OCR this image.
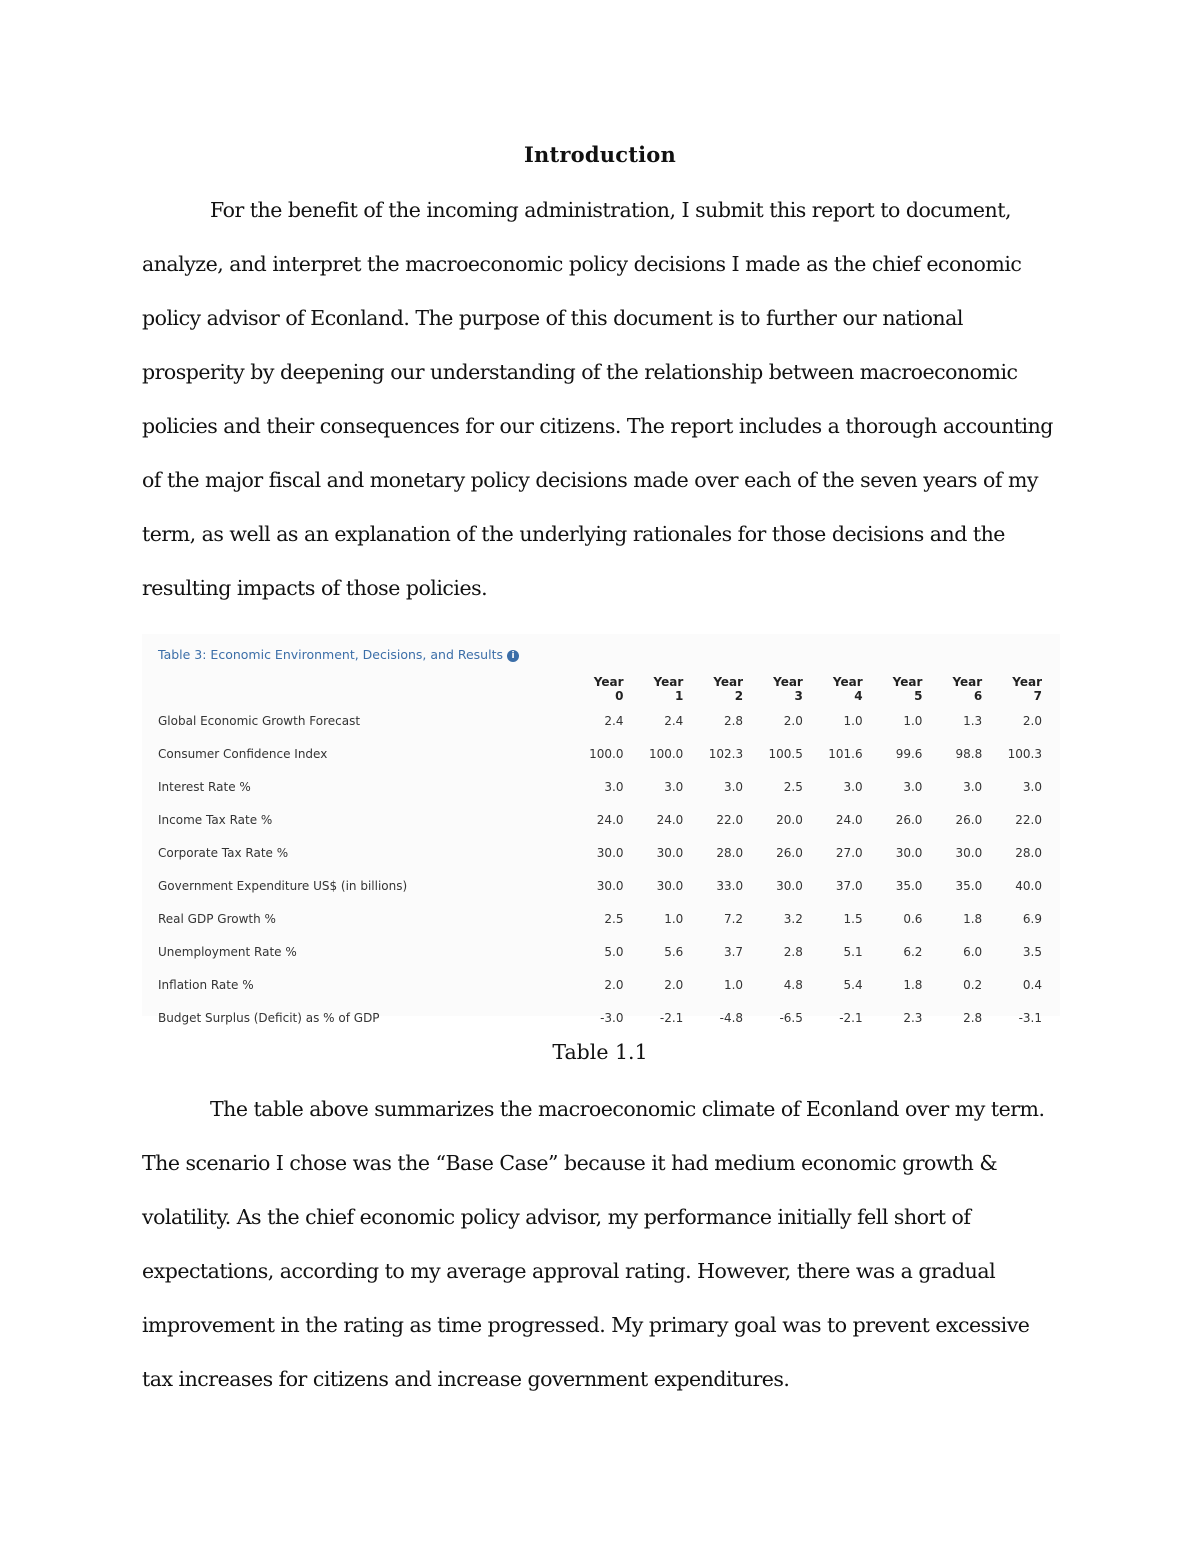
Introduction

For the benefit of the incoming administration, I submit this report to document, analyze, and interpret the macroeconomic policy decisions I made as the chief economic policy advisor of Econland. The purpose of this document is to further our national prosperity by deepening our understanding of the relationship between macroeconomic policies and their consequences for our citizens. The report includes a thorough accounting of the major fiscal and monetary policy decisions made over each of the seven years of my term, as well as an explanation of the underlying rationales for those decisions and the resulting impacts of those policies.

Table 3: Economic Environment, Decisions, and Results i
	Year 0	Year 1	Year 2	Year 3	Year 4	Year 5	Year 6	Year 7
Global Economic Growth Forecast	2.4	2.4	2.8	2.0	1.0	1.0	1.3	2.0
Consumer Confidence Index	100.0	100.0	102.3	100.5	101.6	99.6	98.8	100.3
Interest Rate %	3.0	3.0	3.0	2.5	3.0	3.0	3.0	3.0
Income Tax Rate %	24.0	24.0	22.0	20.0	24.0	26.0	26.0	22.0
Corporate Tax Rate %	30.0	30.0	28.0	26.0	27.0	30.0	30.0	28.0
Government Expenditure US$ (in billions)	30.0	30.0	33.0	30.0	37.0	35.0	35.0	40.0
Real GDP Growth %	2.5	1.0	7.2	3.2	1.5	0.6	1.8	6.9
Unemployment Rate %	5.0	5.6	3.7	2.8	5.1	6.2	6.0	3.5
Inflation Rate %	2.0	2.0	1.0	4.8	5.4	1.8	0.2	0.4
Budget Surplus (Deficit) as % of GDP	-3.0	-2.1	-4.8	-6.5	-2.1	2.3	2.8	-3.1
Table 1.1

The table above summarizes the macroeconomic climate of Econland over my term. The scenario I chose was the “Base Case” because it had medium economic growth & volatility. As the chief economic policy advisor, my performance initially fell short of expectations, according to my average approval rating. However, there was a gradual improvement in the rating as time progressed. My primary goal was to prevent excessive tax increases for citizens and increase government expenditures.
